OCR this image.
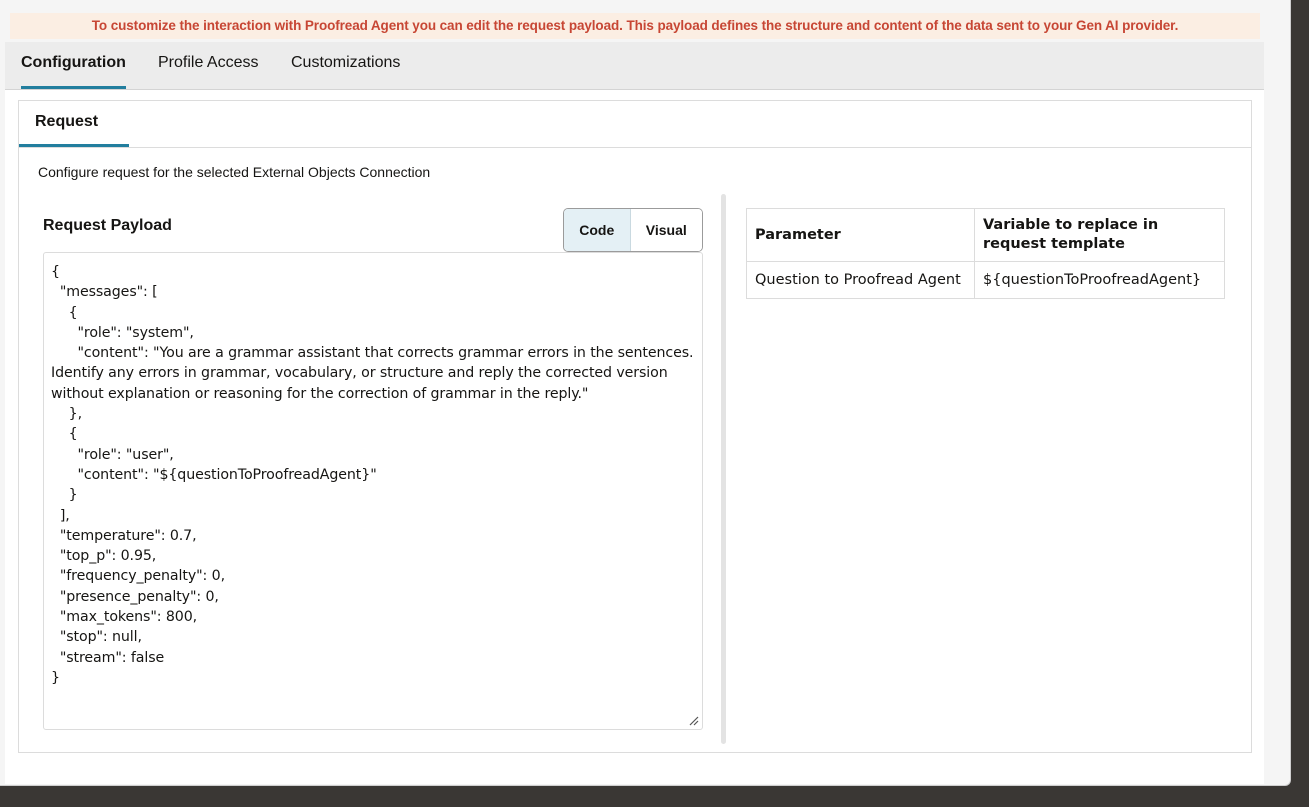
To customize the interaction with Proofread Agent you can edit the request payload. This payload defines the structure and content of the data sent to your Gen AI provider.
Configuration Profile Access Customizations
Request
Configure request for the selected External Objects Connection
Request Payload	Code	Visual
{
"messages": [
{
"role": "system",
"content": "You are a grammar assistant that corrects grammar errors in the sentences. Identify any errors in grammar, vocabulary, or structure and reply the corrected version without explanation or reasoning for the correction of grammar in the reply."
},
{
"role": "user",
"content": "${questionToProofreadAgent}"
}
],
"temperature": 0.7,
"top_p": 0.95,
"frequency_penalty": 0,
"presence_penalty": 0,
"max_tokens": 800,
"stop": null,
"stream": false
}
Parameter	Variable to replace in request template
Question to Proofread Agent	${questionToProofreadAgent}
